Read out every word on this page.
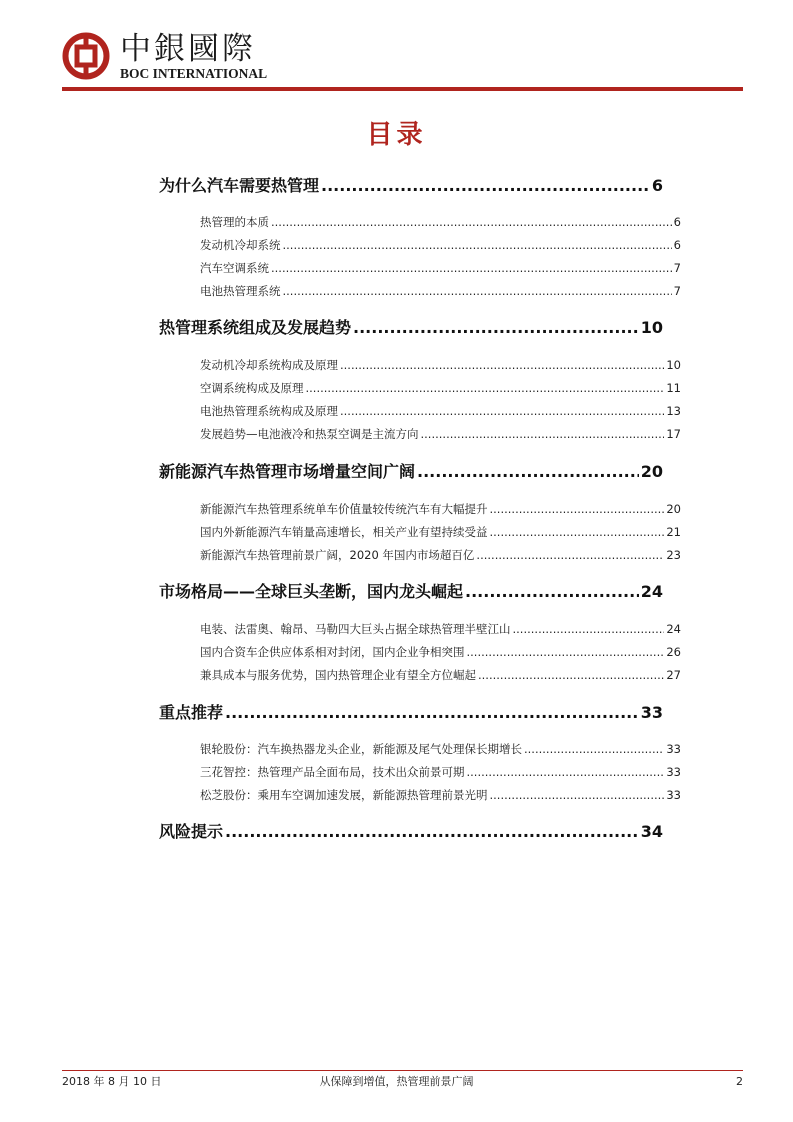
中銀國際
BOC INTERNATIONAL
目录
为什么汽车需要热管理 .....	6
热管理的本质 .....	6
发动机冷却系统 .....	6
汽车空调系统 .....	7
电池热管理系统 .....	7
热管理系统组成及发展趋势 .....	10
发动机冷却系统构成及原理 .....	10
空调系统构成及原理 .....	11
电池热管理系统构成及原理 .....	13
发展趋势—电池液冷和热泵空调是主流方向 .....	17
新能源汽车热管理市场增量空间广阔 .....	20
新能源汽车热管理系统单车价值量较传统汽车有大幅提升 .....	20
国内外新能源汽车销量高速增长，相关产业有望持续受益 .....	21
新能源汽车热管理前景广阔，2020 年国内市场超百亿 .....	23
市场格局——全球巨头垄断，国内龙头崛起 .....	24
电装、法雷奥、翰昂、马勒四大巨头占据全球热管理半壁江山 .....	24
国内合资车企供应体系相对封闭，国内企业争相突围 .....	26
兼具成本与服务优势，国内热管理企业有望全方位崛起 .....	27
重点推荐 .....	33
银轮股份：汽车换热器龙头企业，新能源及尾气处理保长期增长 .....	33
三花智控：热管理产品全面布局，技术出众前景可期 .....	33
松芝股份：乘用车空调加速发展，新能源热管理前景光明 .....	33
风险提示 .....	34
2018 年 8 月 10 日	从保障到增值，热管理前景广阔	2
